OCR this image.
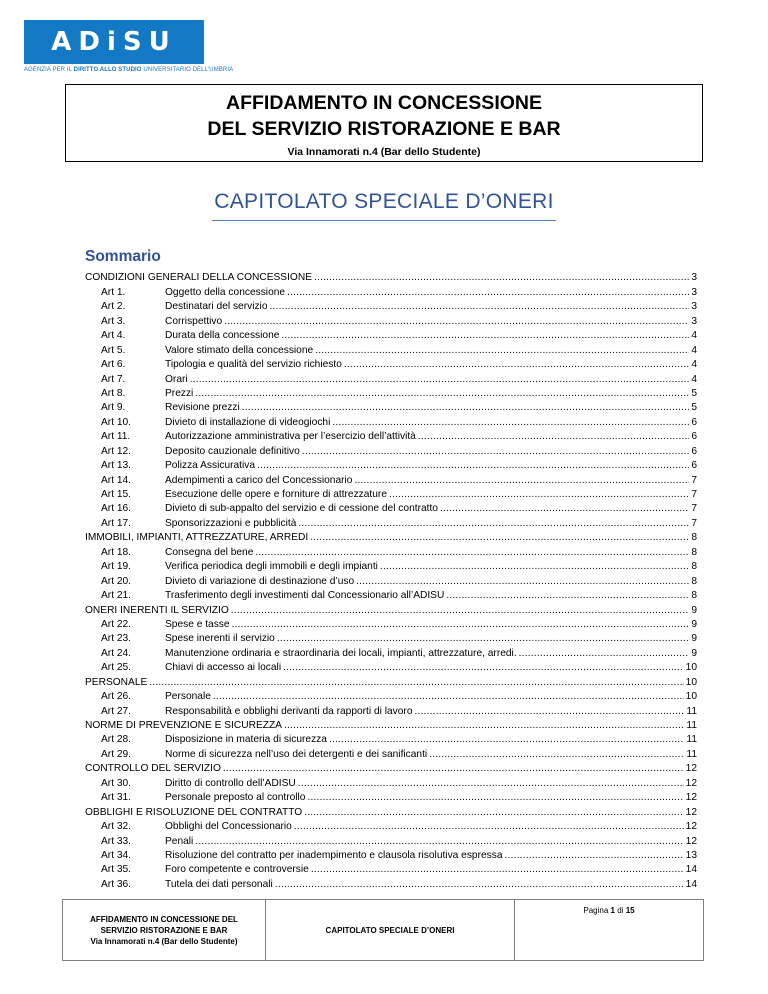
ADiSU
AGENZIA PER IL DIRITTO ALLO STUDIO UNIVERSITARIO DELL'UMBRIA
AFFIDAMENTO IN CONCESSIONE
DEL SERVIZIO RISTORAZIONE E BAR
Via Innamorati n.4 (Bar dello Studente)
CAPITOLATO SPECIALE D’ONERI
Sommario
CONDIZIONI GENERALI DELLA CONCESSIONE .....	3
Art 1.	Oggetto della concessione .....	3
Art 2.	Destinatari del servizio .....	3
Art 3.	Corrispettivo .....	3
Art 4.	Durata della concessione .....	4
Art 5.	Valore stimato della concessione .....	4
Art 6.	Tipologia e qualità del servizio richiesto .....	4
Art 7.	Orari .....	4
Art 8.	Prezzi .....	5
Art 9.	Revisione prezzi .....	5
Art 10.	Divieto di installazione di videogiochi .....	6
Art 11.	Autorizzazione amministrativa per l’esercizio dell’attività .....	6
Art 12.	Deposito cauzionale definitivo .....	6
Art 13.	Polizza Assicurativa .....	6
Art 14.	Adempimenti a carico del Concessionario .....	7
Art 15.	Esecuzione delle opere e forniture di attrezzature .....	7
Art 16.	Divieto di sub-appalto del servizio e di cessione del contratto .....	7
Art 17.	Sponsorizzazioni e pubblicità .....	7
IMMOBILI, IMPIANTI, ATTREZZATURE, ARREDI .....	8
Art 18.	Consegna del bene .....	8
Art 19.	Verifica periodica degli immobili e degli impianti .....	8
Art 20.	Divieto di variazione di destinazione d’uso .....	8
Art 21.	Trasferimento degli investimenti dal Concessionario all’ADISU .....	8
ONERI INERENTI IL SERVIZIO .....	9
Art 22.	Spese e tasse .....	9
Art 23.	Spese inerenti il servizio .....	9
Art 24.	Manutenzione ordinaria e straordinaria dei locali, impianti, attrezzature, arredi. .....	9
Art 25.	Chiavi di accesso ai locali .....	10
PERSONALE .....	10
Art 26.	Personale .....	10
Art 27.	Responsabilità e obblighi derivanti da rapporti di lavoro .....	11
NORME DI PREVENZIONE E SICUREZZA .....	11
Art 28.	Disposizione in materia di sicurezza .....	11
Art 29.	Norme di sicurezza nell’uso dei detergenti e dei sanificanti .....	11
CONTROLLO DEL SERVIZIO .....	12
Art 30.	Diritto di controllo dell’ADISU .....	12
Art 31.	Personale preposto al controllo .....	12
OBBLIGHI E RISOLUZIONE DEL CONTRATTO .....	12
Art 32.	Obblighi del Concessionario .....	12
Art 33.	Penali .....	12
Art 34.	Risoluzione del contratto per inadempimento e clausola risolutiva espressa .....	13
Art 35.	Foro competente e controversie .....	14
Art 36.	Tutela dei dati personali .....	14
AFFIDAMENTO IN CONCESSIONE DEL
SERVIZIO RISTORAZIONE E BAR
Via Innamorati n.4 (Bar dello Studente)
CAPITOLATO SPECIALE D’ONERI
Pagina
1
di
15
